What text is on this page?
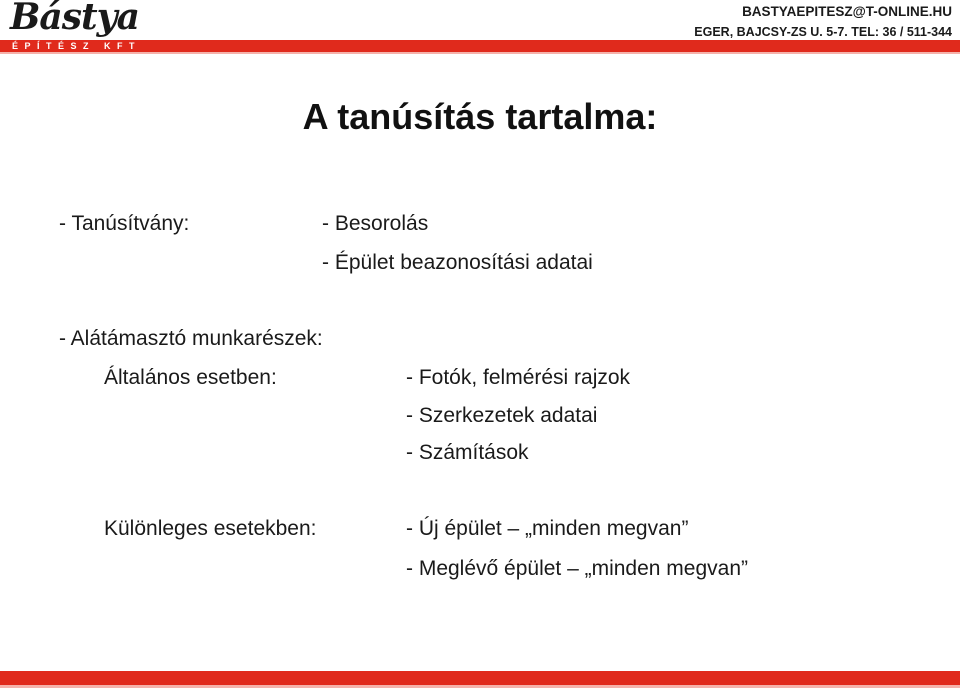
Bástya
ÉPÍTÉSZ KFT
BASTYAEPITESZ@T-ONLINE.HU
EGER, BAJCSY-ZS U. 5-7. TEL: 36 / 511-344
A tanúsítás tartalma:
- Tanúsítvány:	- Besorolás
- Épület beazonosítási adatai
- Alátámasztó munkarészek:
Általános esetben:	- Fotók, felmérési rajzok
- Szerkezetek adatai
- Számítások
Különleges esetekben:	- Új épület – „minden megvan”
- Meglévő épület – „minden megvan”
